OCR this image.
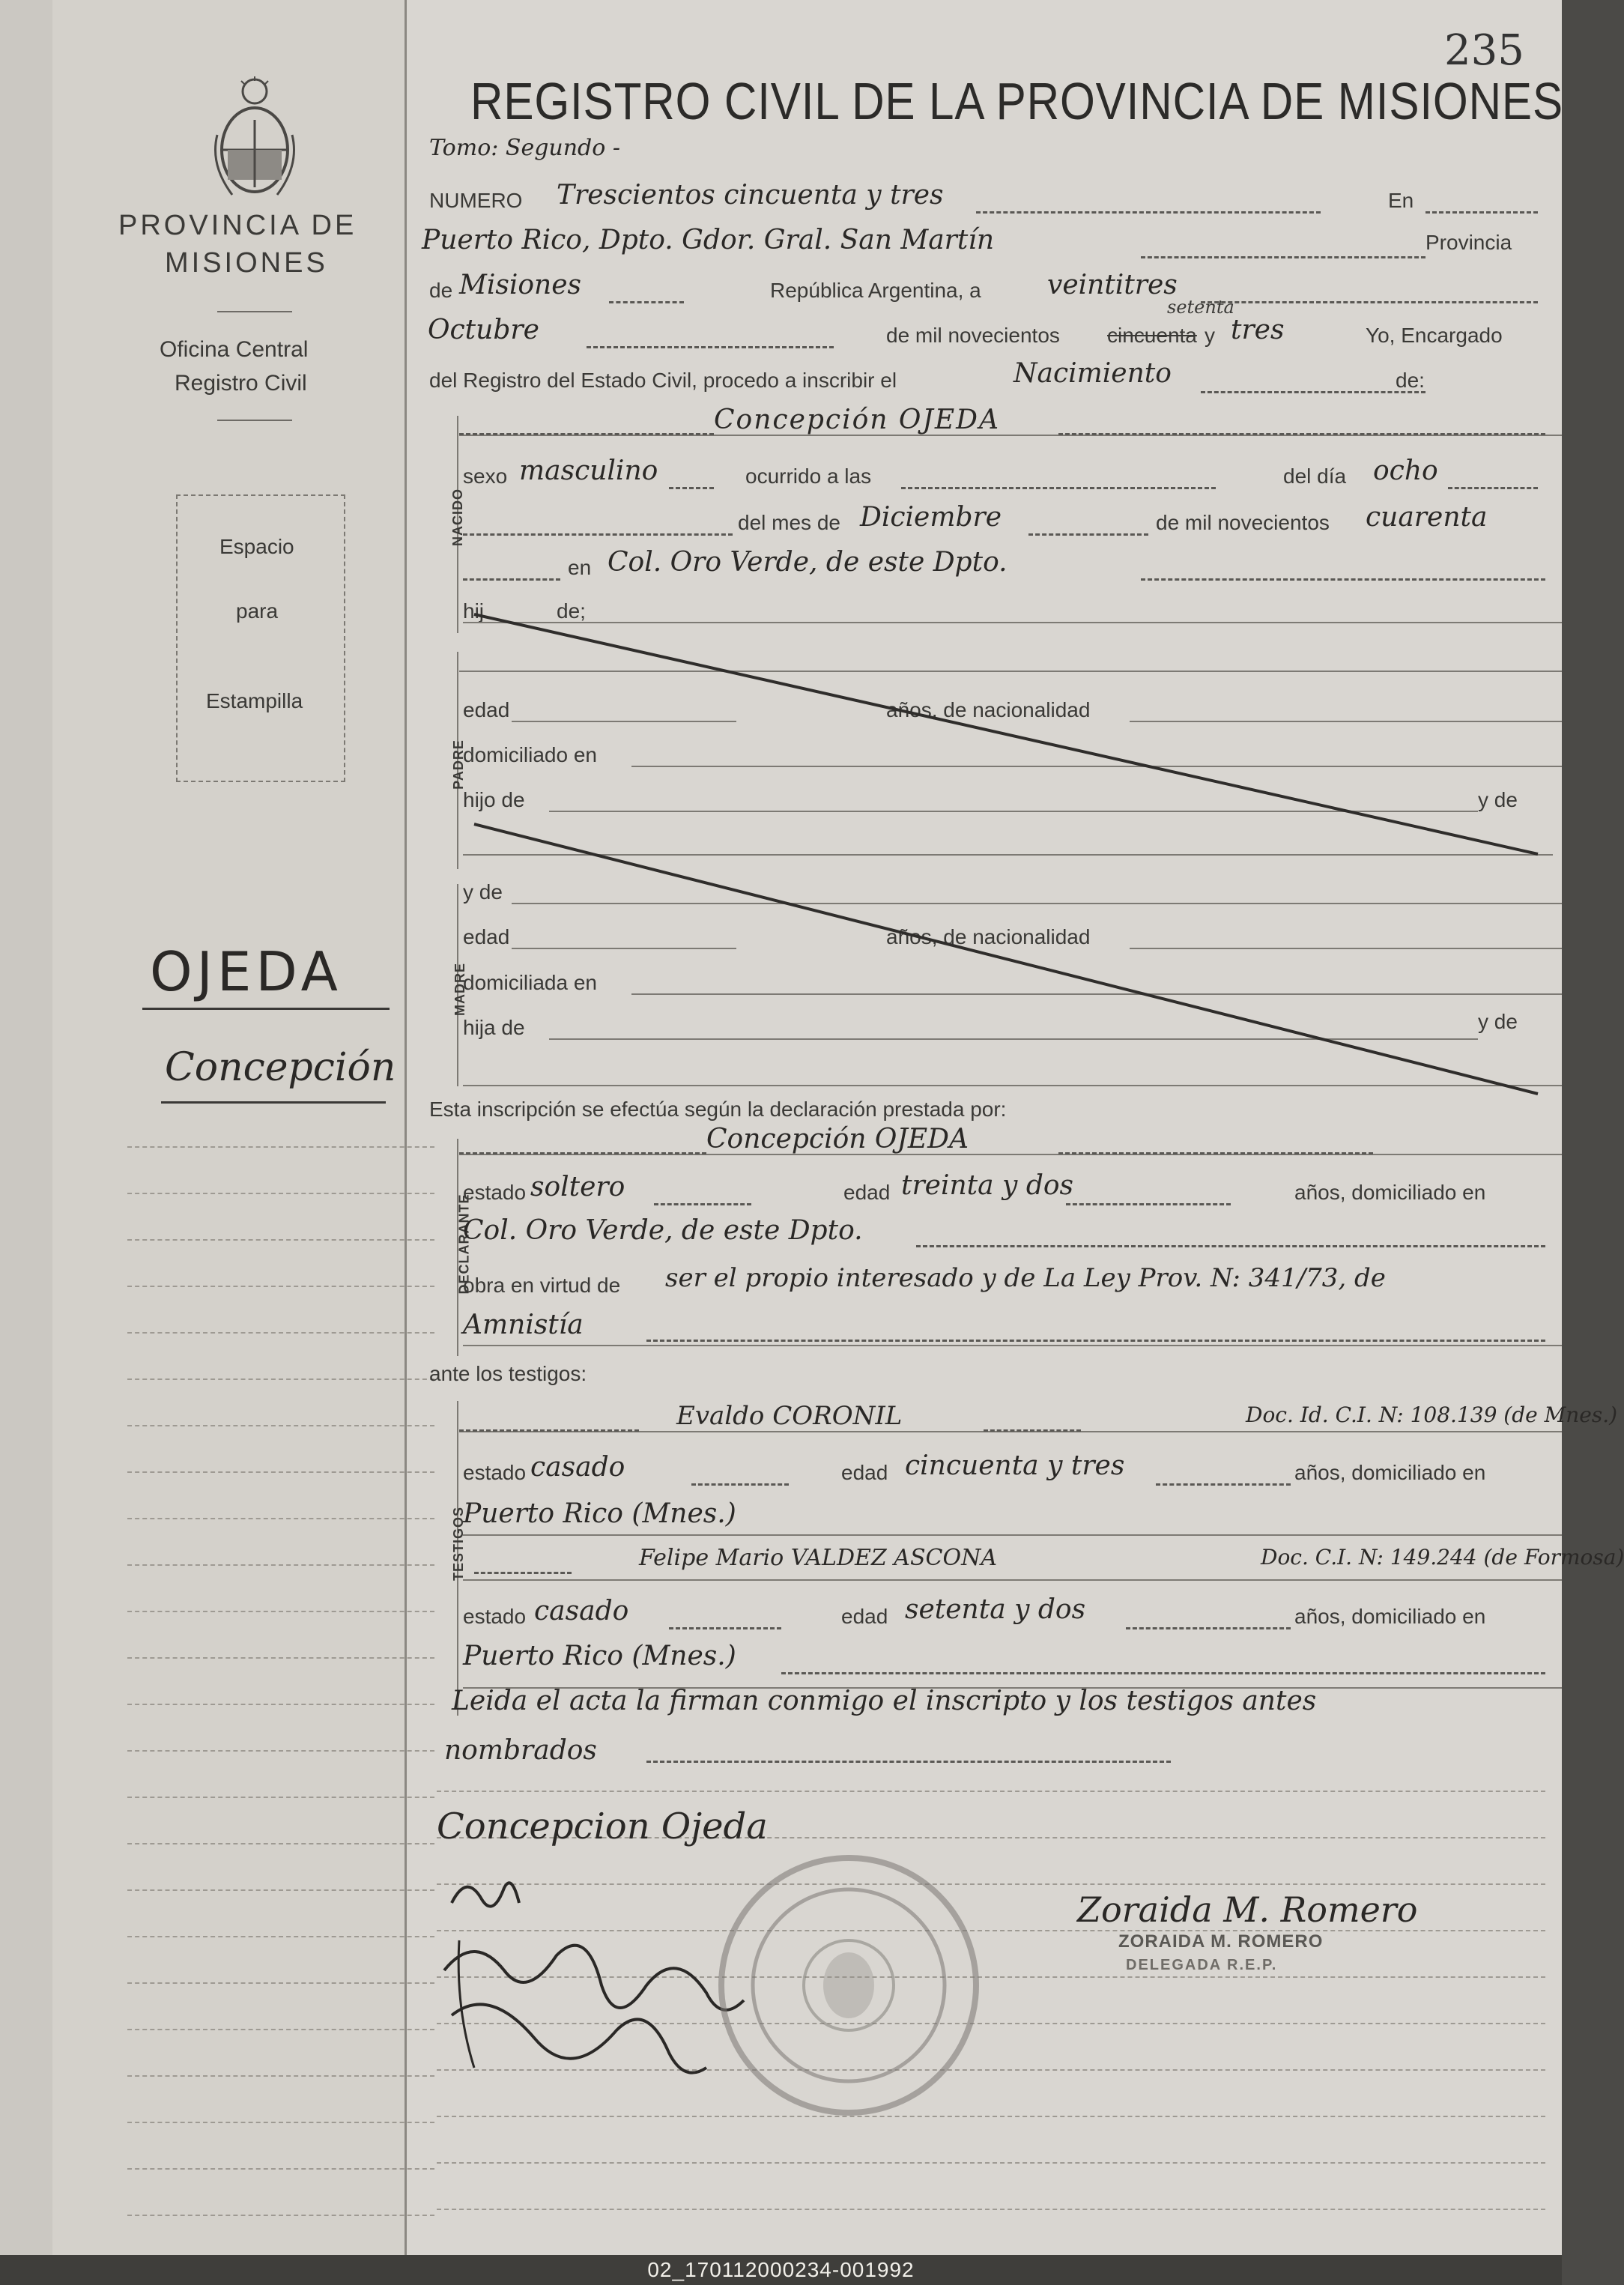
PROVINCIA DE
MISIONES
Oficina Central
Registro Civil
Espacio
para
Estampilla
OJEDA
Concepción
235
REGISTRO CIVIL DE LA PROVINCIA DE MISIONES
Tomo: Segundo -
NUMERO Trescientos cincuenta y tres	En
Puerto Rico, Dpto. Gdor. Gral. San Martín	Provincia
de Misiones	República Argentina, a veintitres
setenta
Octubre	de mil novecientos cincuenta y tres	Yo, Encargado
del Registro del Estado Civil, procedo a inscribir el	Nacimiento	de:
NACIDO
Concepción OJEDA
sexo masculino	ocurrido a las	del día ocho
del mes de Diciembre	de mil novecientos cuarenta
en Col. Oro Verde, de este Dpto.
hij	de;
PADRE
edad	años, de nacionalidad
domiciliado en
hijo de	y de
MADRE
y de
edad	años, de nacionalidad
domiciliada en
hija de	y de
Esta inscripción se efectúa según la declaración prestada por:
DECLARANTE
Concepción OJEDA
estado soltero	edad treinta y dos	años, domiciliado en
Col. Oro Verde, de este Dpto.
obra en virtud de ser el propio interesado y de La Ley Prov. N: 341/73, de
Amnistía
ante los testigos:
TESTIGOS
Evaldo CORONIL	Doc. Id. C.I. N: 108.139 (de Mnes.)
estado casado	edad cincuenta y tres	años, domiciliado en
Puerto Rico (Mnes.)
Felipe Mario VALDEZ ASCONA	Doc. C.I. N: 149.244 (de Formosa)
estado casado	edad setenta y dos	años, domiciliado en
Puerto Rico (Mnes.)
Leida el acta la firman conmigo el inscripto y los testigos antes
nombrados
Concepcion Ojeda
Zoraida M. Romero
ZORAIDA M. ROMERO
DELEGADA R.E.P.
02_170112000234-001992
